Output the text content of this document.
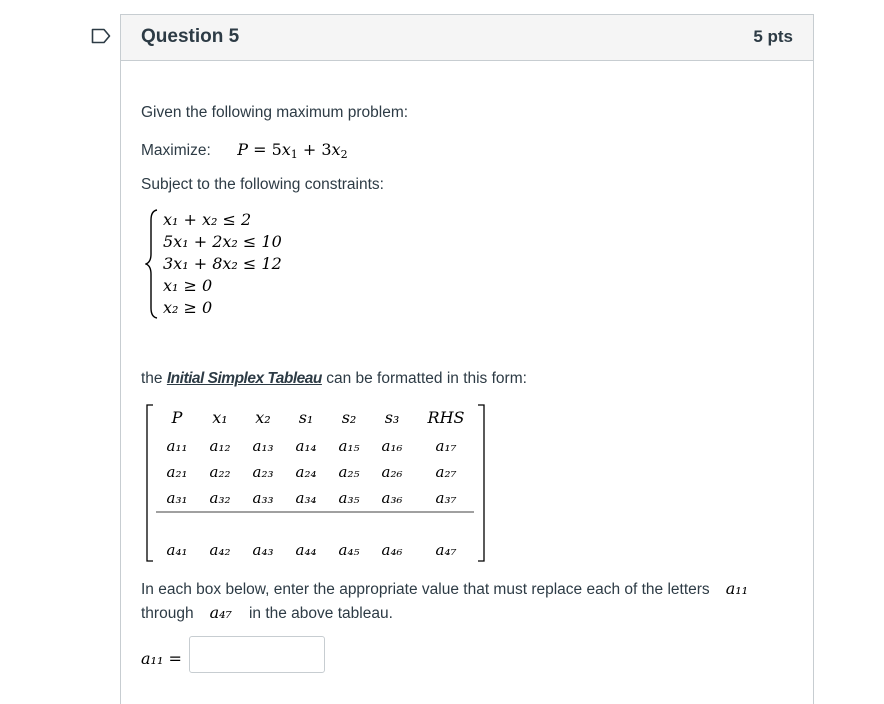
Question 5	5 pts
Given the following maximum problem:
Maximize: $P = 5x_1 + 3x_2$
Subject to the following constraints:
x₁ + x₂ ≤ 2
5x₁ + 2x₂ ≤ 10
3x₁ + 8x₂ ≤ 12
x₁ ≥ 0
x₂ ≥ 0
the Initial Simplex Tableau can be formatted in this form:
P	x₁	x₂	s₁	s₂	s₃	RHS
a₁₁	a₁₂	a₁₃	a₁₄	a₁₅	a₁₆	a₁₇
a₂₁	a₂₂	a₂₃	a₂₄	a₂₅	a₂₆	a₂₇
a₃₁	a₃₂	a₃₃	a₃₄	a₃₅	a₃₆	a₃₇
a₄₁	a₄₂	a₄₃	a₄₄	a₄₅	a₄₆	a₄₇
In each box below, enter the appropriate value that must replace each of the letters a₁₁
through a₄₇ in the above tableau.
a₁₁ =
